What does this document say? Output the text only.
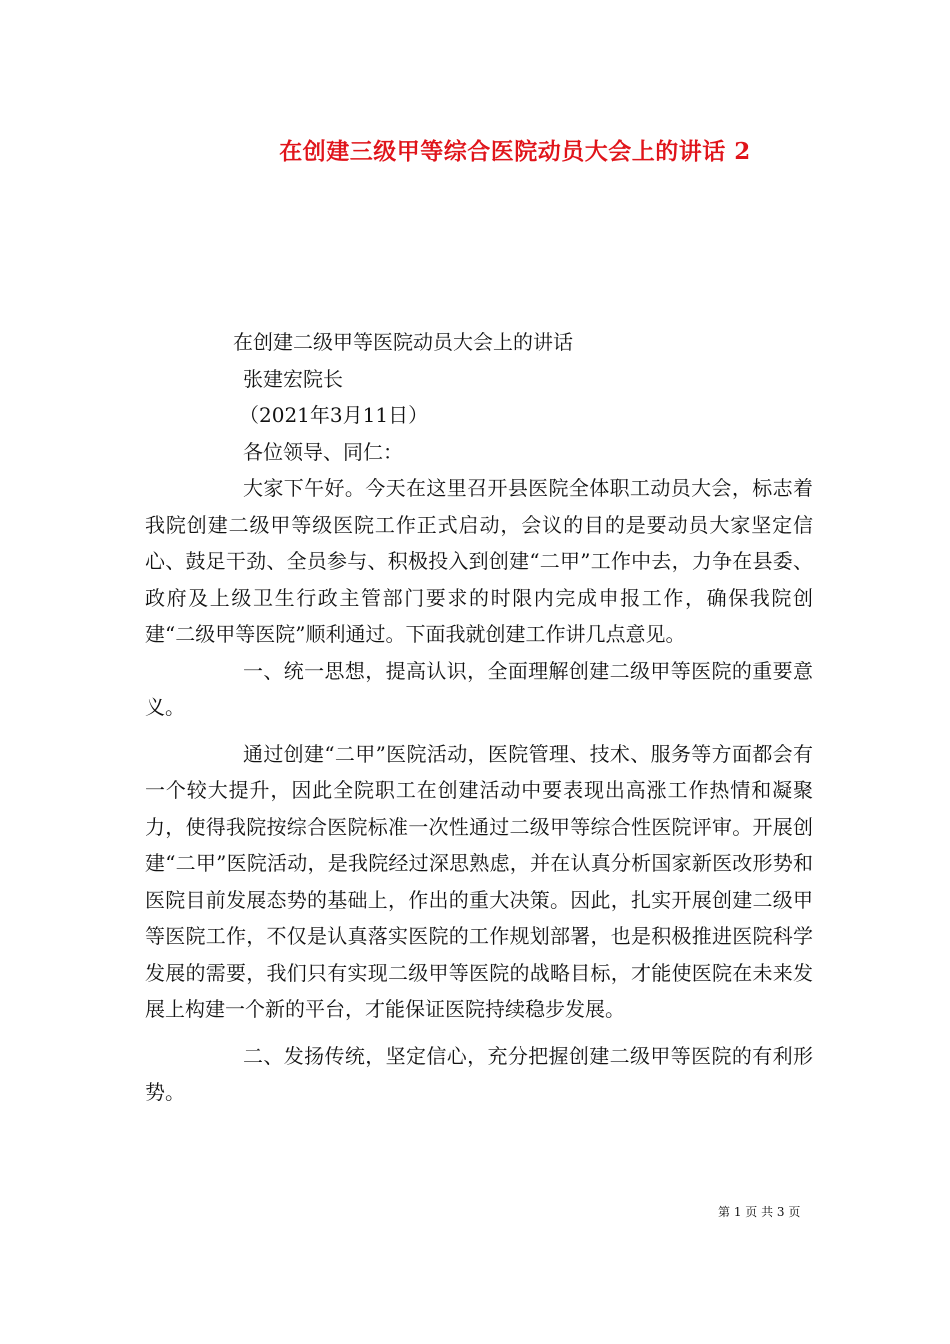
在创建三级甲等综合医院动员大会上的讲话 2
在创建二级甲等医院动员大会上的讲话
张建宏院长
（2021年3月11日）
各位领导、同仁：
大家下午好。今天在这里召开县医院全体职工动员大会，标志着我院创建二级甲等级医院工作正式启动，会议的目的是要动员大家坚定信心、鼓足干劲、全员参与、积极投入到创建“二甲”工作中去，力争在县委、政府及上级卫生行政主管部门要求的时限内完成申报工作，确保我院创建“二级甲等医院”顺利通过。下面我就创建工作讲几点意见。
一、统一思想，提高认识，全面理解创建二级甲等医院的重要意义。
通过创建“二甲”医院活动，医院管理、技术、服务等方面都会有一个较大提升，因此全院职工在创建活动中要表现出高涨工作热情和凝聚力，使得我院按综合医院标准一次性通过二级甲等综合性医院评审。开展创建“二甲”医院活动，是我院经过深思熟虑，并在认真分析国家新医改形势和医院目前发展态势的基础上，作出的重大决策。因此，扎实开展创建二级甲等医院工作，不仅是认真落实医院的工作规划部署，也是积极推进医院科学发展的需要，我们只有实现二级甲等医院的战略目标，才能使医院在未来发展上构建一个新的平台，才能保证医院持续稳步发展。
二、发扬传统，坚定信心，充分把握创建二级甲等医院的有利形势。
第 1 页 共 3 页
